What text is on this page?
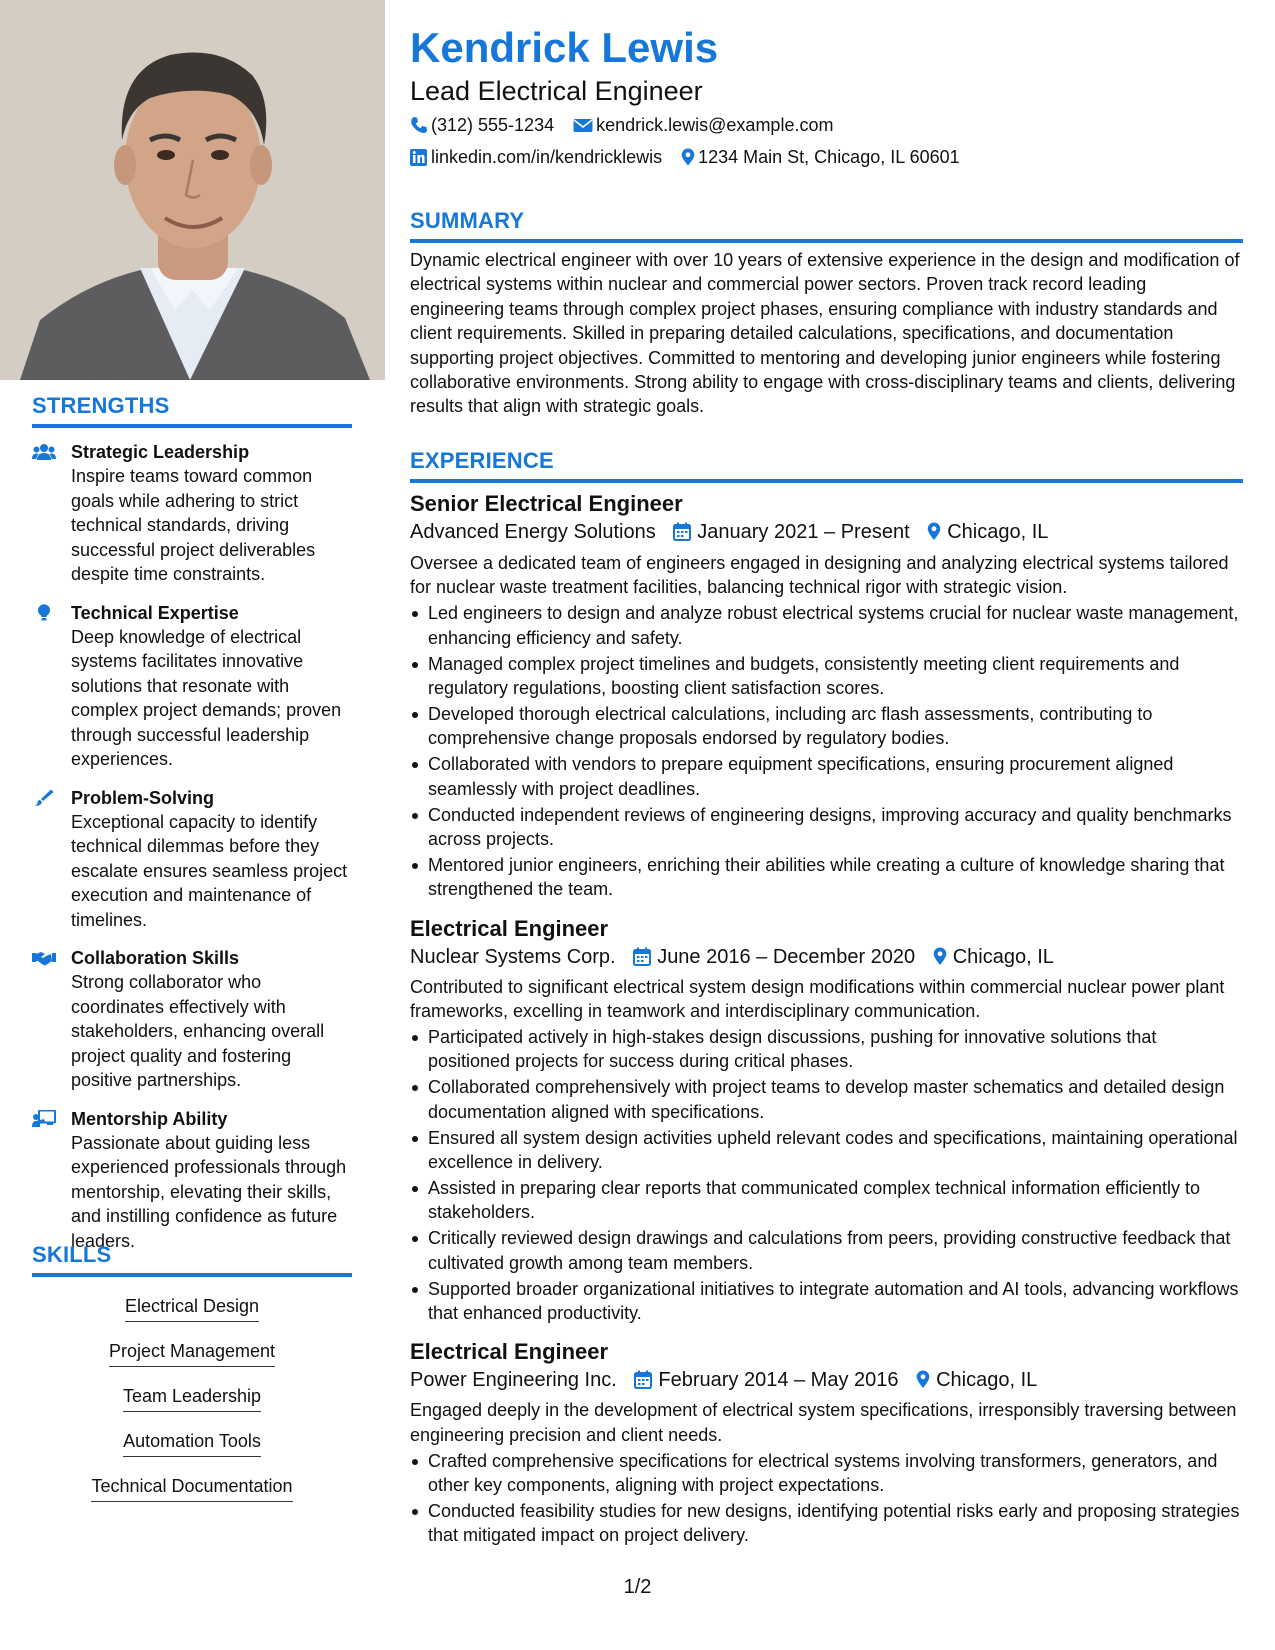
STRENGTHS
Strategic Leadership
Inspire teams toward common goals while adhering to strict technical standards, driving successful project deliverables despite time constraints.
Technical Expertise
Deep knowledge of electrical systems facilitates innovative solutions that resonate with complex project demands; proven through successful leadership experiences.
Problem-Solving
Exceptional capacity to identify technical dilemmas before they escalate ensures seamless project execution and maintenance of timelines.
Collaboration Skills
Strong collaborator who coordinates effectively with stakeholders, enhancing overall project quality and fostering positive partnerships.
Mentorship Ability
Passionate about guiding less experienced professionals through mentorship, elevating their skills, and instilling confidence as future leaders.
SKILLS
Electrical Design
Project Management
Team Leadership
Automation Tools
Technical Documentation
Kendrick Lewis
Lead Electrical Engineer
(312) 555-1234 kendrick.lewis@example.com
linkedin.com/in/kendricklewis 1234 Main St, Chicago, IL 60601
SUMMARY
Dynamic electrical engineer with over 10 years of extensive experience in the design and modification of electrical systems within nuclear and commercial power sectors. Proven track record leading engineering teams through complex project phases, ensuring compliance with industry standards and client requirements. Skilled in preparing detailed calculations, specifications, and documentation supporting project objectives. Committed to mentoring and developing junior engineers while fostering collaborative environments. Strong ability to engage with cross-disciplinary teams and clients, delivering results that align with strategic goals.
EXPERIENCE
Senior Electrical Engineer
Advanced Energy Solutions January 2021 – Present Chicago, IL
Oversee a dedicated team of engineers engaged in designing and analyzing electrical systems tailored for nuclear waste treatment facilities, balancing technical rigor with strategic vision.
Led engineers to design and analyze robust electrical systems crucial for nuclear waste management, enhancing efficiency and safety.
Managed complex project timelines and budgets, consistently meeting client requirements and regulatory regulations, boosting client satisfaction scores.
Developed thorough electrical calculations, including arc flash assessments, contributing to comprehensive change proposals endorsed by regulatory bodies.
Collaborated with vendors to prepare equipment specifications, ensuring procurement aligned seamlessly with project deadlines.
Conducted independent reviews of engineering designs, improving accuracy and quality benchmarks across projects.
Mentored junior engineers, enriching their abilities while creating a culture of knowledge sharing that strengthened the team.
Electrical Engineer
Nuclear Systems Corp. June 2016 – December 2020 Chicago, IL
Contributed to significant electrical system design modifications within commercial nuclear power plant frameworks, excelling in teamwork and interdisciplinary communication.
Participated actively in high-stakes design discussions, pushing for innovative solutions that positioned projects for success during critical phases.
Collaborated comprehensively with project teams to develop master schematics and detailed design documentation aligned with specifications.
Ensured all system design activities upheld relevant codes and specifications, maintaining operational excellence in delivery.
Assisted in preparing clear reports that communicated complex technical information efficiently to stakeholders.
Critically reviewed design drawings and calculations from peers, providing constructive feedback that cultivated growth among team members.
Supported broader organizational initiatives to integrate automation and AI tools, advancing workflows that enhanced productivity.
Electrical Engineer
Power Engineering Inc. February 2014 – May 2016 Chicago, IL
Engaged deeply in the development of electrical system specifications, irresponsibly traversing between engineering precision and client needs.
Crafted comprehensive specifications for electrical systems involving transformers, generators, and other key components, aligning with project expectations.
Conducted feasibility studies for new designs, identifying potential risks early and proposing strategies that mitigated impact on project delivery.
1/2
